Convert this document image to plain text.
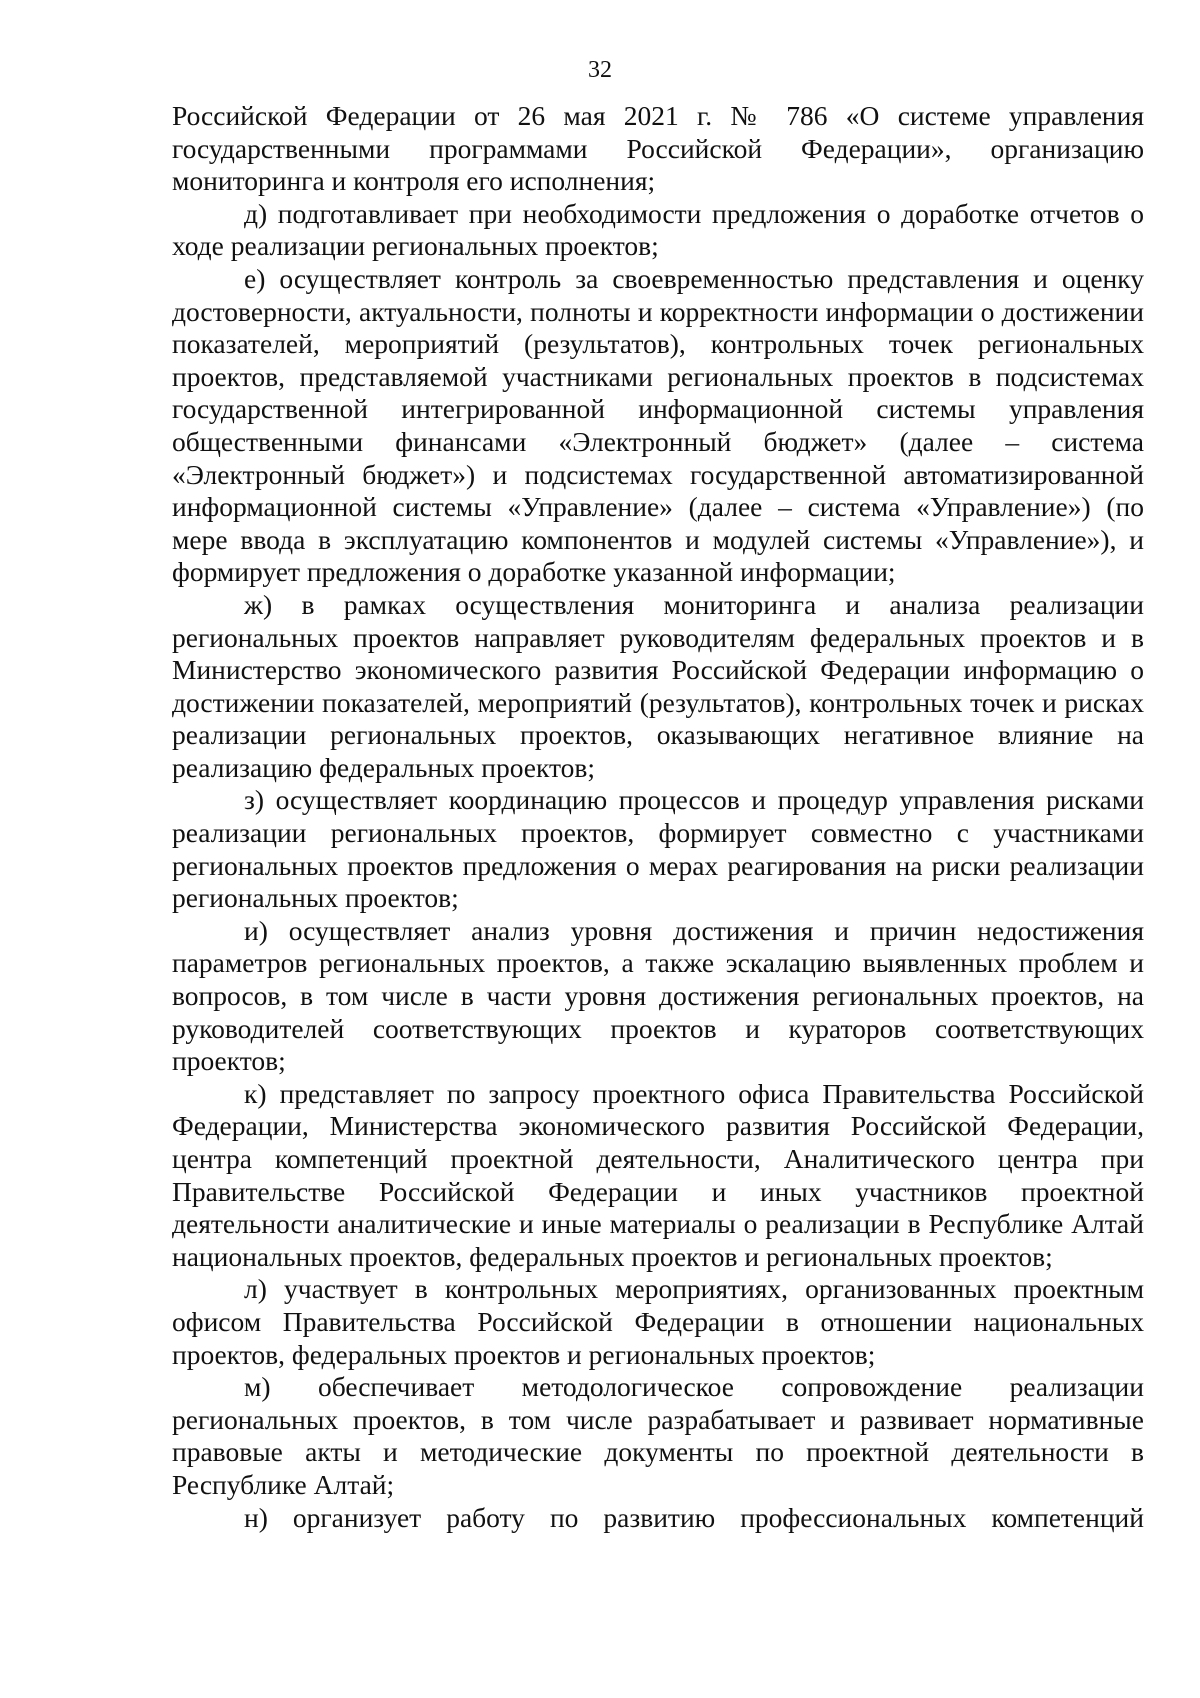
32

Российской Федерации от 26 мая 2021 г. № 786 «О системе управления государственными программами Российской Федерации», организацию мониторинга и контроля его исполнения;

д) подготавливает при необходимости предложения о доработке отчетов о ходе реализации региональных проектов;

е) осуществляет контроль за своевременностью представления и оценку достоверности, актуальности, полноты и корректности информации о достижении показателей, мероприятий (результатов), контрольных точек региональных проектов, представляемой участниками региональных проектов в подсистемах государственной интегрированной информационной системы управления общественными финансами «Электронный бюджет» (далее – система «Электронный бюджет») и подсистемах государственной автоматизированной информационной системы «Управление» (далее – система «Управление») (по мере ввода в эксплуатацию компонентов и модулей системы «Управление»), и формирует предложения о доработке указанной информации;

ж) в рамках осуществления мониторинга и анализа реализации региональных проектов направляет руководителям федеральных проектов и в Министерство экономического развития Российской Федерации информацию о достижении показателей, мероприятий (результатов), контрольных точек и рисках реализации региональных проектов, оказывающих негативное влияние на реализацию федеральных проектов;

з) осуществляет координацию процессов и процедур управления рисками реализации региональных проектов, формирует совместно с участниками региональных проектов предложения о мерах реагирования на риски реализации региональных проектов;

и) осуществляет анализ уровня достижения и причин недостижения параметров региональных проектов, а также эскалацию выявленных проблем и вопросов, в том числе в части уровня достижения региональных проектов, на руководителей соответствующих проектов и кураторов соответствующих проектов;

к) представляет по запросу проектного офиса Правительства Российской Федерации, Министерства экономического развития Российской Федерации, центра компетенций проектной деятельности, Аналитического центра при Правительстве Российской Федерации и иных участников проектной деятельности аналитические и иные материалы о реализации в Республике Алтай национальных проектов, федеральных проектов и региональных проектов;

л) участвует в контрольных мероприятиях, организованных проектным офисом Правительства Российской Федерации в отношении национальных проектов, федеральных проектов и региональных проектов;

м) обеспечивает методологическое сопровождение реализации региональных проектов, в том числе разрабатывает и развивает нормативные правовые акты и методические документы по проектной деятельности в Республике Алтай;

н) организует работу по развитию профессиональных компетенций
